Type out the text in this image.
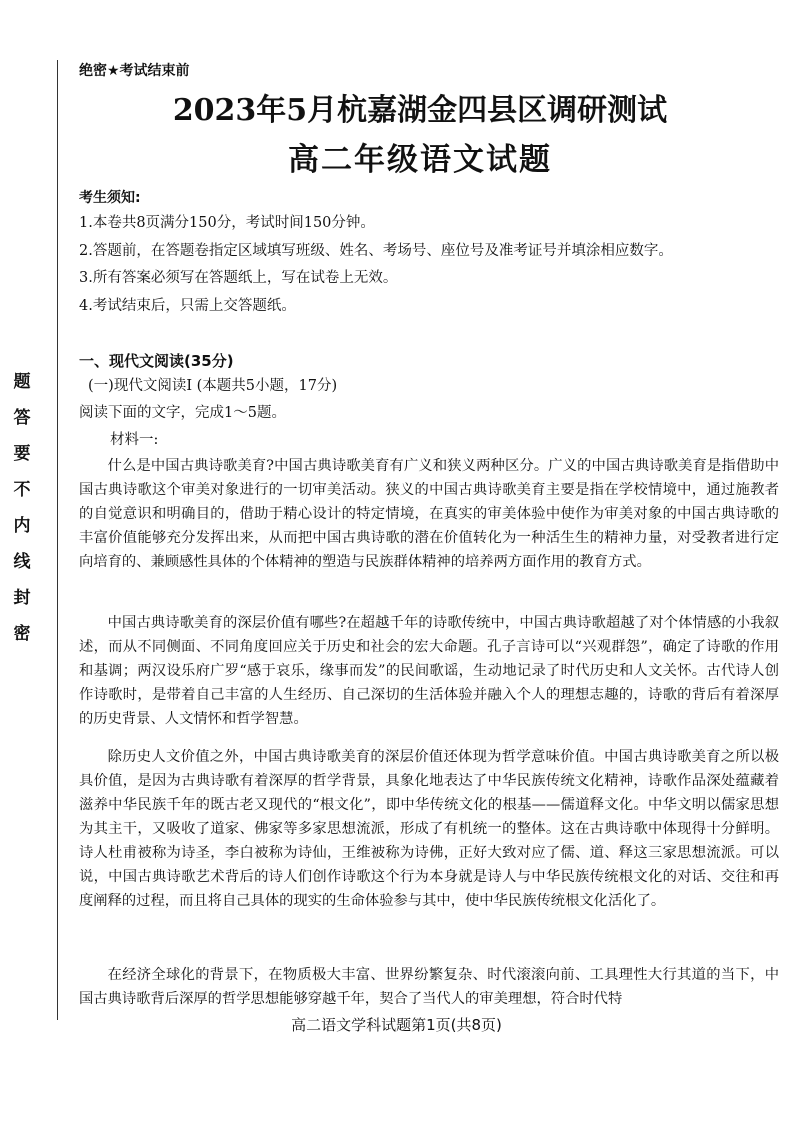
题
答
要
不
内
线
封
密
绝密★考试结束前
2023年5月杭嘉湖金四县区调研测试
高二年级语文试题
考生须知:
1.本卷共8页满分150分，考试时间150分钟。
2.答题前，在答题卷指定区域填写班级、姓名、考场号、座位号及准考证号并填涂相应数字。
3.所有答案必须写在答题纸上，写在试卷上无效。
4.考试结束后，只需上交答题纸。
一、现代文阅读(35分)
(一)现代文阅读Ⅰ (本题共5小题，17分)
阅读下面的文字，完成1～5题。
材料一:

什么是中国古典诗歌美育?中国古典诗歌美育有广义和狭义两种区分。广义的中国古典诗歌美育是指借助中国古典诗歌这个审美对象进行的一切审美活动。狭义的中国古典诗歌美育主要是指在学校情境中，通过施教者的自觉意识和明确目的，借助于精心设计的特定情境，在真实的审美体验中使作为审美对象的中国古典诗歌的丰富价值能够充分发挥出来，从而把中国古典诗歌的潜在价值转化为一种活生生的精神力量，对受教者进行定向培育的、兼顾感性具体的个体精神的塑造与民族群体精神的培养两方面作用的教育方式。

中国古典诗歌美育的深层价值有哪些?在超越千年的诗歌传统中，中国古典诗歌超越了对个体情感的小我叙述，而从不同侧面、不同角度回应关于历史和社会的宏大命题。孔子言诗可以“兴观群怨”，确定了诗歌的作用和基调；两汉设乐府广罗“感于哀乐，缘事而发”的民间歌谣，生动地记录了时代历史和人文关怀。古代诗人创作诗歌时，是带着自己丰富的人生经历、自己深切的生活体验并融入个人的理想志趣的，诗歌的背后有着深厚的历史背景、人文情怀和哲学智慧。

除历史人文价值之外，中国古典诗歌美育的深层价值还体现为哲学意味价值。中国古典诗歌美育之所以极具价值，是因为古典诗歌有着深厚的哲学背景，具象化地表达了中华民族传统文化精神，诗歌作品深处蕴藏着滋养中华民族千年的既古老又现代的“根文化”，即中华传统文化的根基——儒道释文化。中华文明以儒家思想为其主干，又吸收了道家、佛家等多家思想流派，形成了有机统一的整体。这在古典诗歌中体现得十分鲜明。诗人杜甫被称为诗圣，李白被称为诗仙，王维被称为诗佛，正好大致对应了儒、道、释这三家思想流派。可以说，中国古典诗歌艺术背后的诗人们创作诗歌这个行为本身就是诗人与中华民族传统根文化的对话、交往和再度阐释的过程，而且将自己具体的现实的生命体验参与其中，使中华民族传统根文化活化了。

在经济全球化的背景下，在物质极大丰富、世界纷繁复杂、时代滚滚向前、工具理性大行其道的当下，中国古典诗歌背后深厚的哲学思想能够穿越千年，契合了当代人的审美理想，符合时代特

高二语文学科试题第1页(共8页)
